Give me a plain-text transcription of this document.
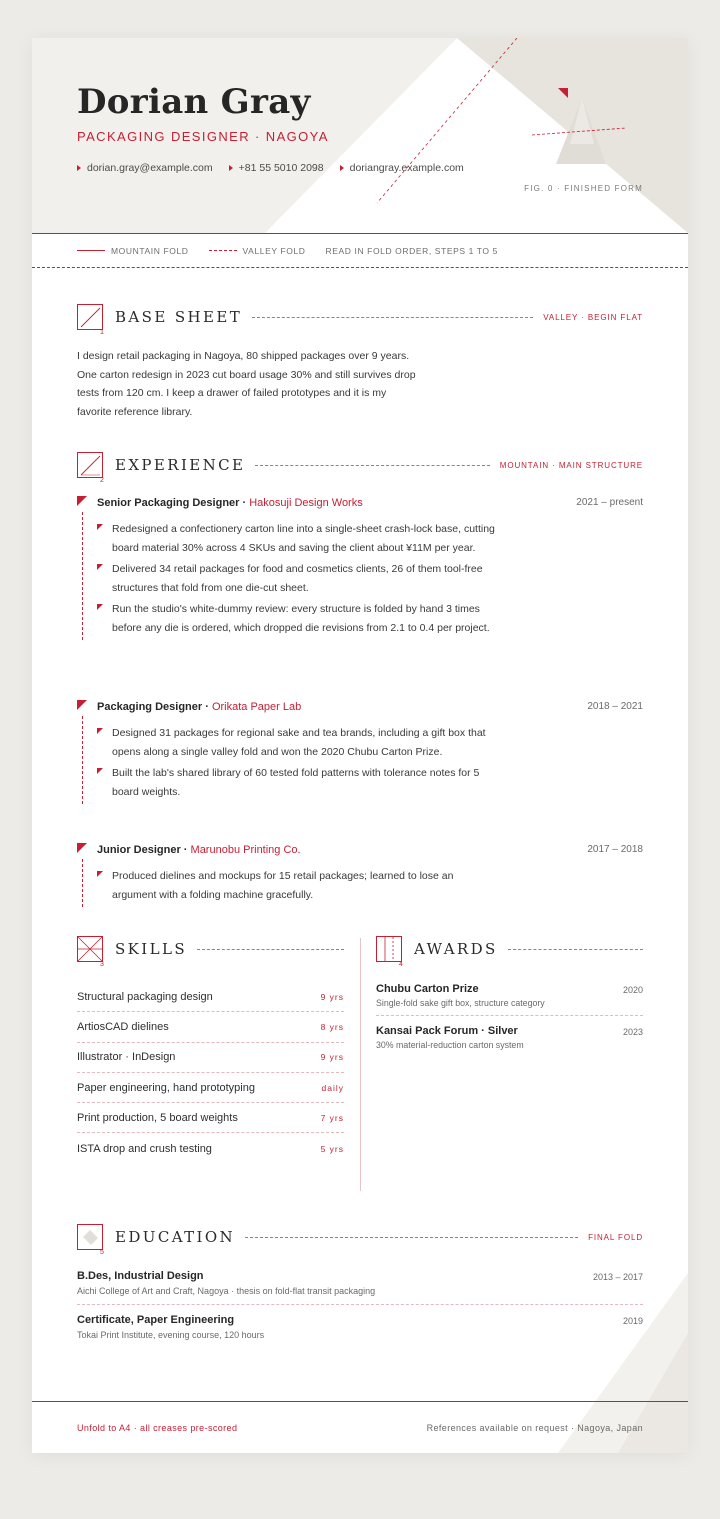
Dorian Gray
PACKAGING DESIGNER · NAGOYA
dorian.gray@example.com +81 55 5010 2098 doriangray.example.com
FIG. 0 · FINISHED FORM
MOUNTAIN FOLD	VALLEY FOLD READ IN FOLD ORDER, STEPS 1 TO 5
1
BASE SHEET	VALLEY · BEGIN FLAT

I design retail packaging in Nagoya, 80 shipped packages over 9 years. One carton redesign in 2023 cut board usage 30% and still survives drop tests from 120 cm. I keep a drawer of failed prototypes and it is my favorite reference library.

2
EXPERIENCE	MOUNTAIN · MAIN STRUCTURE
Senior Packaging Designer · Hakosuji Design Works	2021 – present
Redesigned a confectionery carton line into a single-sheet crash-lock base, cutting board material 30% across 4 SKUs and saving the client about ¥11M per year.
Delivered 34 retail packages for food and cosmetics clients, 26 of them tool-free structures that fold from one die-cut sheet.
Run the studio's white-dummy review: every structure is folded by hand 3 times before any die is ordered, which dropped die revisions from 2.1 to 0.4 per project.
Packaging Designer · Orikata Paper Lab	2018 – 2021
Designed 31 packages for regional sake and tea brands, including a gift box that opens along a single valley fold and won the 2020 Chubu Carton Prize.
Built the lab's shared library of 60 tested fold patterns with tolerance notes for 5 board weights.
Junior Designer · Marunobu Printing Co.	2017 – 2018
Produced dielines and mockups for 15 retail packages; learned to lose an argument with a folding machine gracefully.
3
SKILLS
Structural packaging design	9 yrs
ArtiosCAD dielines	8 yrs
Illustrator · InDesign	9 yrs
Paper engineering, hand prototyping	daily
Print production, 5 board weights	7 yrs
ISTA drop and crush testing	5 yrs
4
AWARDS
Chubu Carton Prize
Single-fold sake gift box, structure category
2020
Kansai Pack Forum · Silver
30% material-reduction carton system
2023
5
EDUCATION	FINAL FOLD
B.Des, Industrial Design
Aichi College of Art and Craft, Nagoya · thesis on fold-flat transit packaging
2013 – 2017
Certificate, Paper Engineering
Tokai Print Institute, evening course, 120 hours
2019
Unfold to A4 · all creases pre-scored	References available on request · Nagoya, Japan
